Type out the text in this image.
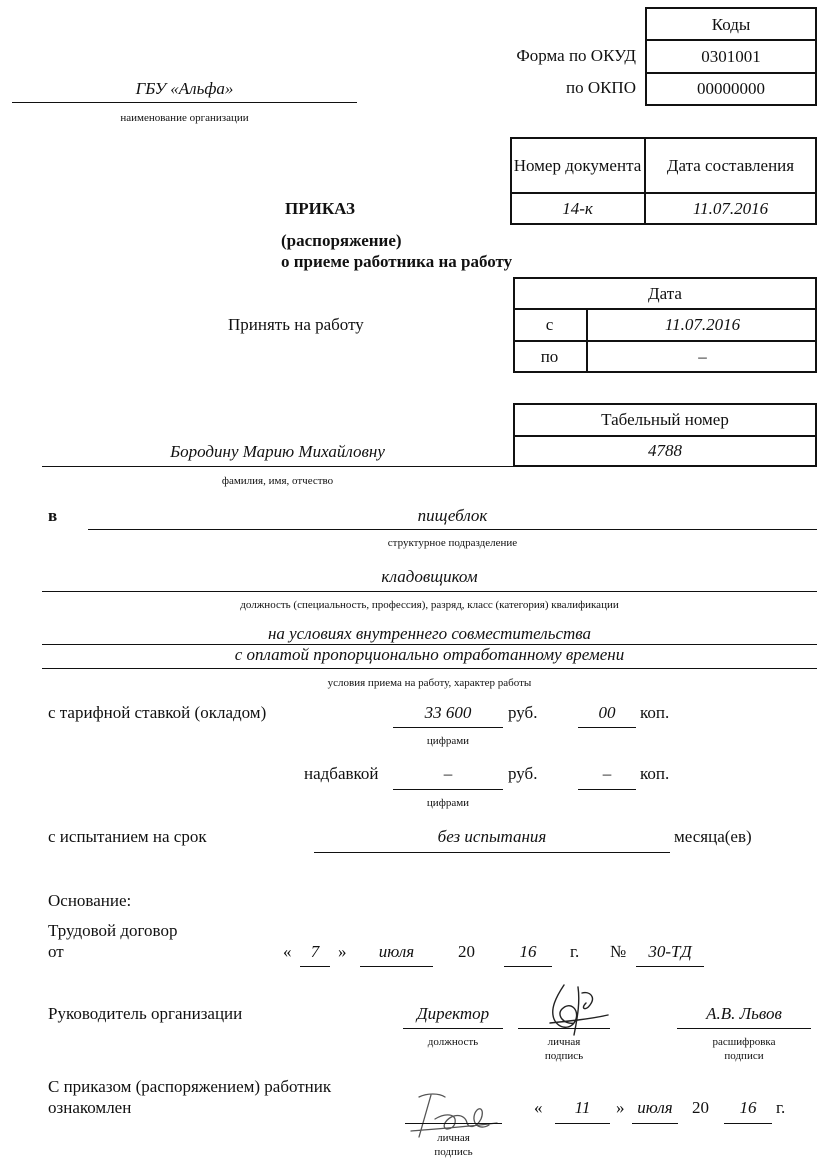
Коды
0301001
00000000
Форма по ОКУД
по ОКПО
ГБУ «Альфа»
наименование организации
Номер документа	Дата составления
14-к	11.07.2016
ПРИКАЗ
(распоряжение)
о приеме работника на работу
Принять на работу
Дата
с	11.07.2016
по	–
Табельный номер
4788
Бородину Марию Михайловну
фамилия, имя, отчество
в	пищеблок
структурное подразделение
кладовщиком
должность (специальность, профессия), разряд, класс (категория) квалификации
на условиях внутреннего совместительства
с оплатой пропорционально отработанному времени
условия приема на работу, характер работы
с тарифной ставкой (окладом)	33 600	руб.	00	коп.
цифрами
надбавкой	–	руб.	–	коп.
цифрами
с испытанием на срок	без испытания	месяца(ев)
Основание:
Трудовой договор
от	«	7	»	июля	20	16	г. №	30-ТД
Руководитель организации	Директор
должность	личная
подпись
А.В. Львов
расшифровка
подписи
С приказом (распоряжением) работник
ознакомлен
личная
подпись
«	11	» июля	20	16	г.
